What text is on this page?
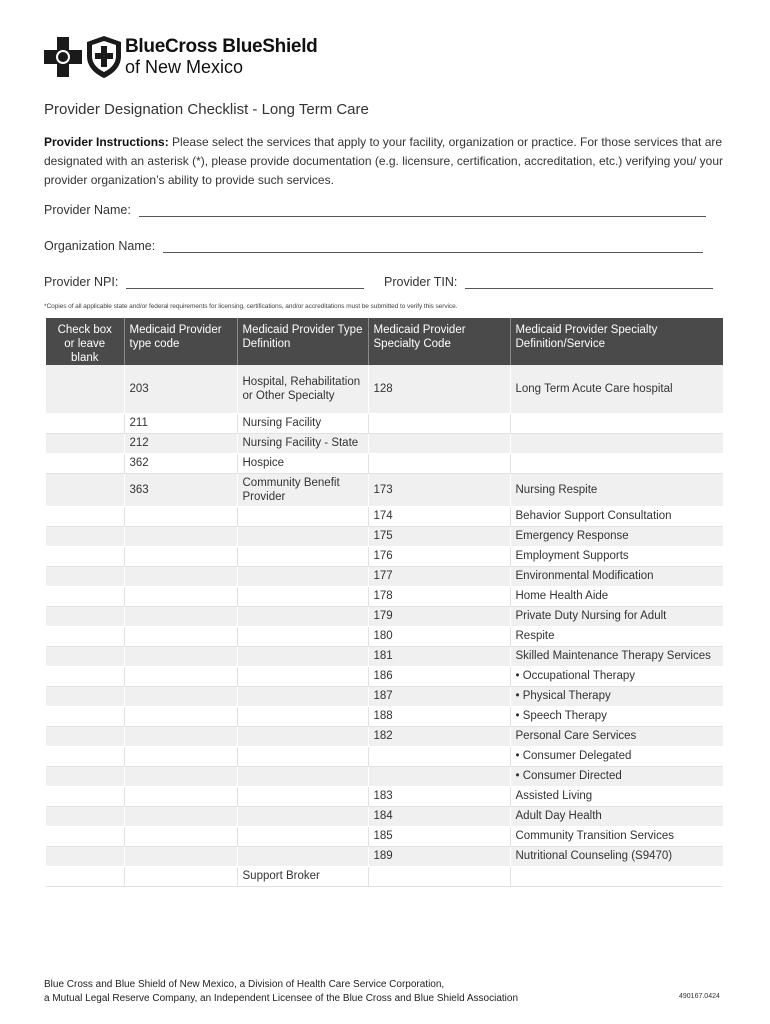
BlueCross BlueShield
of New Mexico
Provider Designation Checklist - Long Term Care
Provider Instructions: Please select the services that apply to your facility, organization or practice. For those services that are designated with an asterisk (*), please provide documentation (e.g. licensure, certification, accreditation, etc.) verifying you/ your provider organization’s ability to provide such services.
Provider Name:
Organization Name:
Provider NPI:	Provider TIN:
*Copies of all applicable state and/or federal requirements for licensing, certifications, and/or accreditations must be submitted to verify this service.
Check box or leave blank	Medicaid Provider type code	Medicaid Provider Type Definition	Medicaid Provider Specialty Code	Medicaid Provider Specialty Definition/Service
	203	Hospital, Rehabilitation or Other Specialty	128	Long Term Acute Care hospital
	211	Nursing Facility		
	212	Nursing Facility - State		
	362	Hospice		
	363	Community Benefit Provider	173	Nursing Respite
			174	Behavior Support Consultation
			175	Emergency Response
			176	Employment Supports
			177	Environmental Modification
			178	Home Health Aide
			179	Private Duty Nursing for Adult
			180	Respite
			181	Skilled Maintenance Therapy Services
			186	• Occupational Therapy
			187	• Physical Therapy
			188	• Speech Therapy
			182	Personal Care Services
				• Consumer Delegated
				• Consumer Directed
			183	Assisted Living
			184	Adult Day Health
			185	Community Transition Services
			189	Nutritional Counseling (S9470)
		Support Broker		
Blue Cross and Blue Shield of New Mexico, a Division of Health Care Service Corporation,
a Mutual Legal Reserve Company, an Independent Licensee of the Blue Cross and Blue Shield Association	490167.0424
